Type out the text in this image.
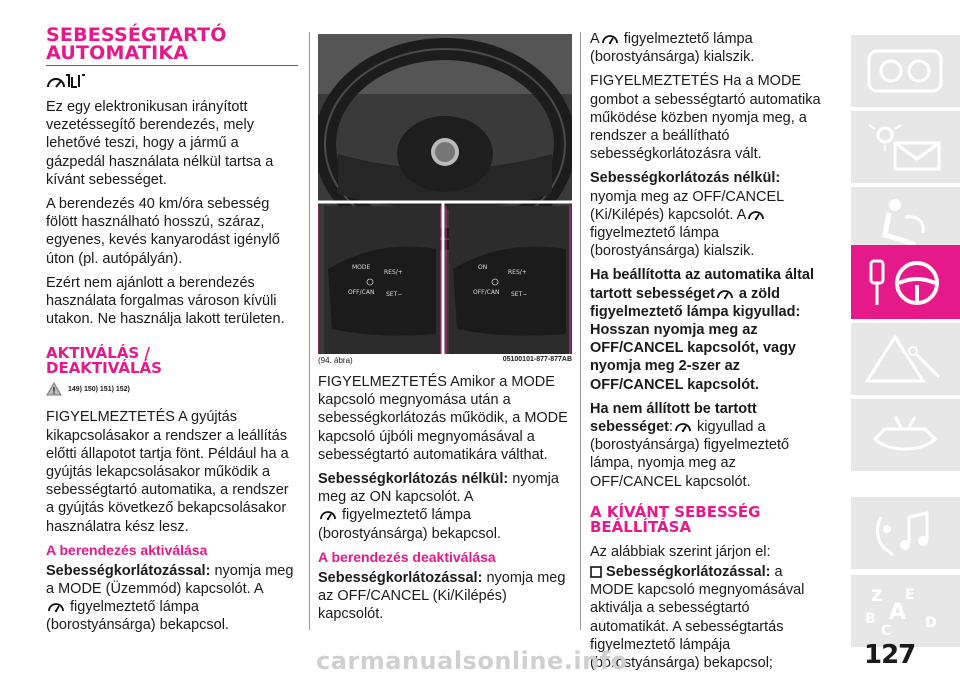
SEBESSÉGTARTÓ
AUTOMATIKA

Ez egy elektronikusan irányított vezetéssegítő berendezés, mely lehetővé teszi, hogy a jármű a gázpedál használata nélkül tartsa a kívánt sebességet.

A berendezés 40 km/óra sebesség fölött használható hosszú, száraz, egyenes, kevés kanyarodást igénylő úton (pl. autópályán).

Ezért nem ajánlott a berendezés használata forgalmas városon kívüli utakon. Ne használja lakott területen.

AKTIVÁLÁS /
DEAKTIVÁLÁS
149) 150) 151) 152)

FIGYELMEZTETÉS A gyújtás kikapcsolásakor a rendszer a leállítás előtti állapotot tartja fönt. Például ha a gyújtás lekapcsolásakor működik a sebességtartó automatika, a rendszer a gyújtás következő bekapcsolásakor használatra kész lesz.

A berendezés aktiválása

Sebességkorlátozással: nyomja meg a MODE (Üzemmód) kapcsolót. A
figyelmeztető lámpa (borostyánsárga) bekapcsol.

MODE
RES/+
OFF/CAN SET−
ON
RES/+
OFF/CAN SET−
(94. ábra)	05100101-877-877AB

FIGYELMEZTETÉS Amikor a MODE kapcsoló megnyomása után a sebességkorlátozás működik, a MODE kapcsoló újbóli megnyomásával a sebességtartó automatikára válthat.

Sebességkorlátozás nélkül: nyomja meg az ON kapcsolót. A
figyelmeztető lámpa (borostyánsárga) bekapcsol.

A berendezés deaktiválása

Sebességkorlátozással: nyomja meg az OFF/CANCEL (Ki/Kilépés) kapcsolót.

A figyelmeztető lámpa (borostyánsárga) kialszik.

FIGYELMEZTETÉS Ha a MODE gombot a sebességtartó automatika működése közben nyomja meg, a rendszer a beállítható sebességkorlátozásra vált.

Sebességkorlátozás nélkül: nyomja meg az OFF/CANCEL (Ki/Kilépés) kapcsolót. A figyelmeztető lámpa (borostyánsárga) kialszik.

Ha beállította az automatika által tartott sebességet a zöld figyelmeztető lámpa kigyullad: Hosszan nyomja meg az OFF/CANCEL kapcsolót, vagy nyomja meg 2-szer az OFF/CANCEL kapcsolót.

Ha nem állított be tartott sebességet: kigyullad a (borostyánsárga) figyelmeztető lámpa, nyomja meg az OFF/CANCEL kapcsolót.

A KÍVÁNT SEBESSÉG
BEÁLLÍTÁSA

Az alábbiak szerint járjon el:

Sebességkorlátozással: a MODE kapcsoló megnyomásával aktiválja a sebességtartó automatikát. A sebességtartás figyelmeztető lámpája (borostyánsárga) bekapcsol;

Z E
B A
C D
127
carmanualsonline.info
